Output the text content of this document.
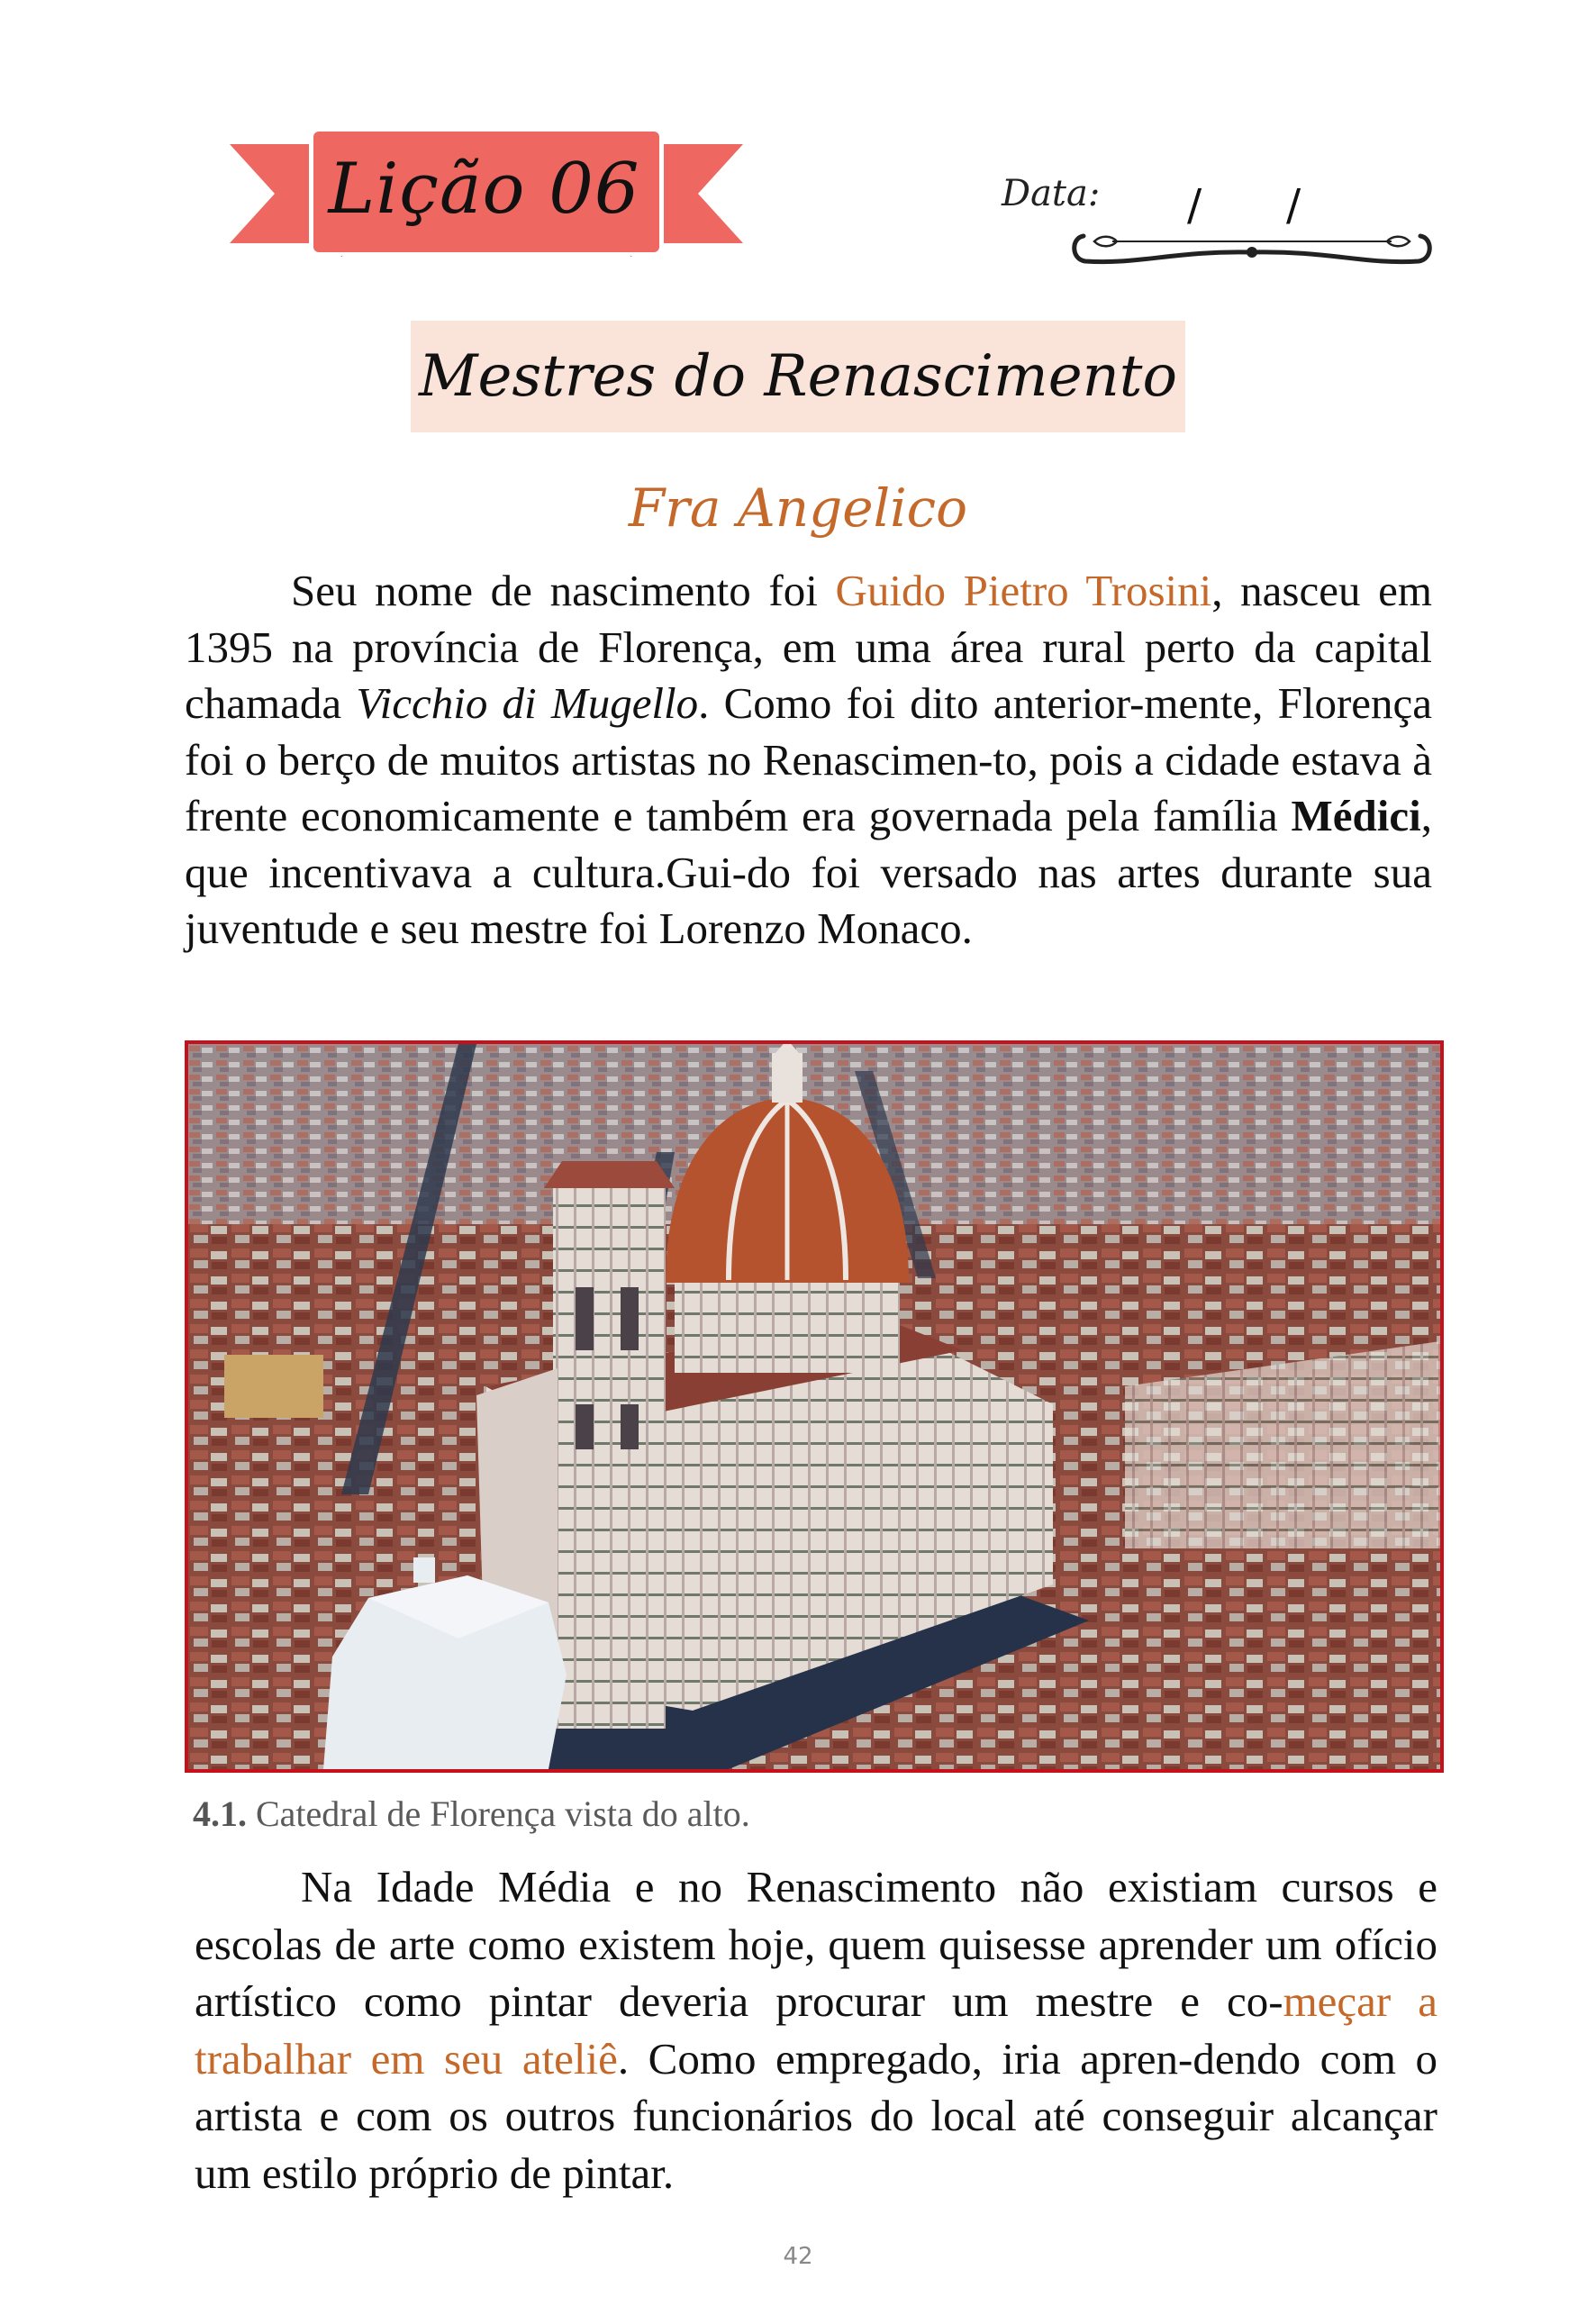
Lição 06	Data: / /
Mestres do Renascimento
Fra Angelico
Seu nome de nascimento foi Guido Pietro Trosini, nasceu em 1395 na província de Florença, em uma área rural perto da capital chamada Vicchio di Mugello. Como foi dito anterior-mente, Florença foi o berço de muitos artistas no Renascimen-to, pois a cidade estava à frente economicamente e também era governada pela família Médici, que incentivava a cultura.Gui-do foi versado nas artes durante sua juventude e seu mestre foi Lorenzo Monaco.
4.1. Catedral de Florença vista do alto.
Na Idade Média e no Renascimento não existiam cursos e escolas de arte como existem hoje, quem quisesse aprender um ofício artístico como pintar deveria procurar um mestre e co-meçar a trabalhar em seu ateliê. Como empregado, iria apren-dendo com o artista e com os outros funcionários do local até conseguir alcançar um estilo próprio de pintar.
42
